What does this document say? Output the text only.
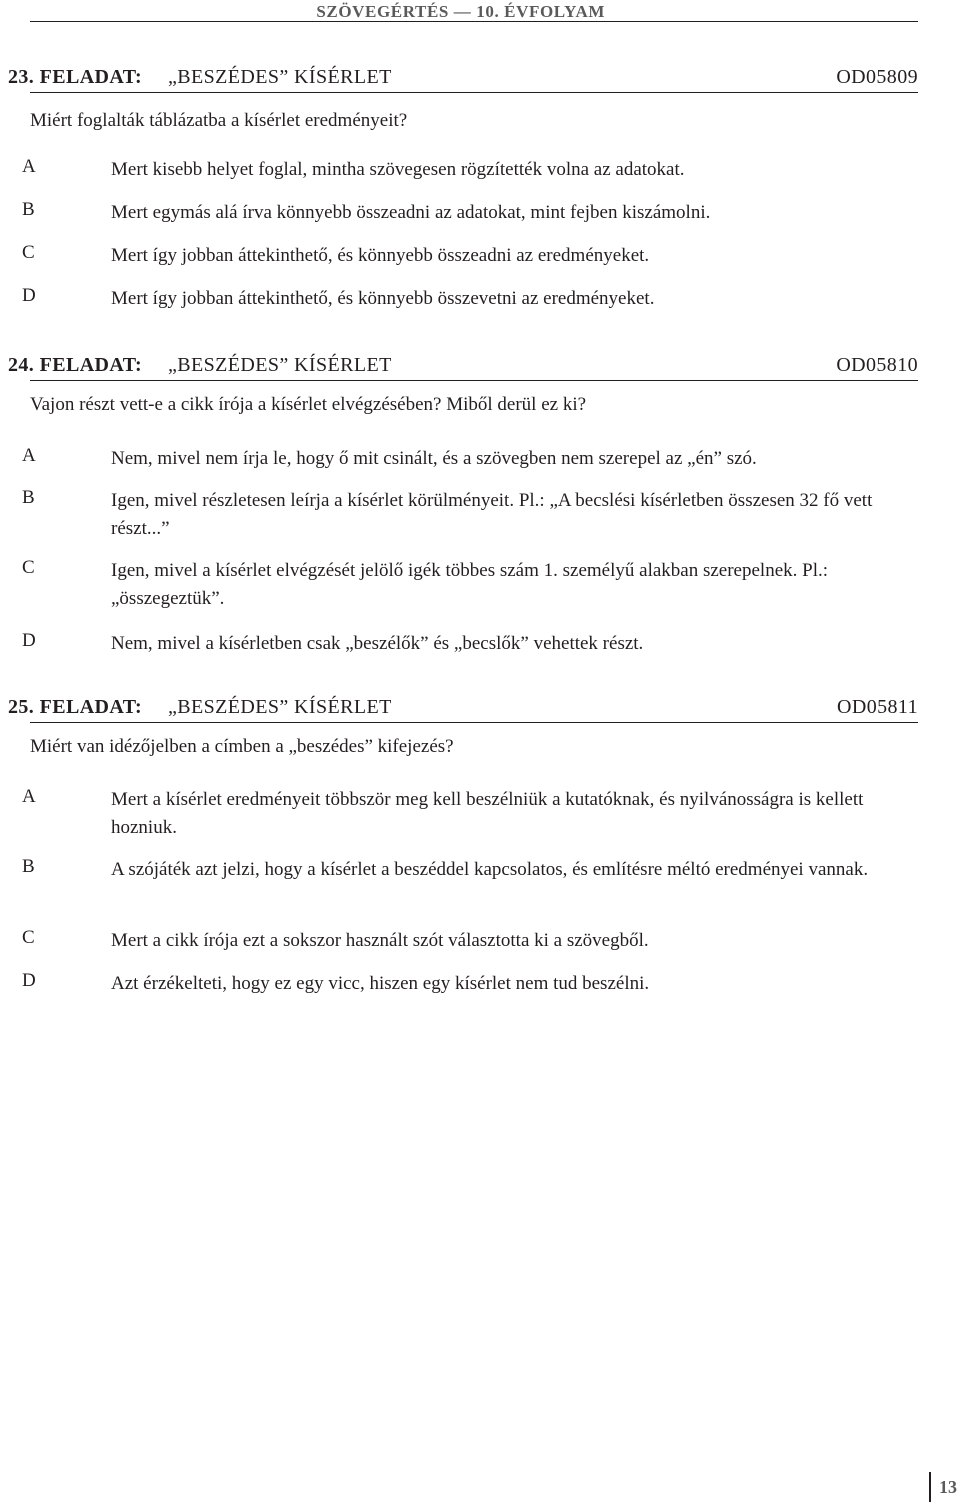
SZÖVEGÉRTÉS — 10. ÉVFOLYAM
23. FELADAT: „BESZÉDES” KÍSÉRLET	OD05809
Miért foglalták táblázatba a kísérlet eredményeit?
A	Mert kisebb helyet foglal, mintha szövegesen rögzítették volna az adatokat.
B	Mert egymás alá írva könnyebb összeadni az adatokat, mint fejben kiszámolni.
C	Mert így jobban áttekinthető, és könnyebb összeadni az eredményeket.
D	Mert így jobban áttekinthető, és könnyebb összevetni az eredményeket.
24. FELADAT: „BESZÉDES” KÍSÉRLET	OD05810
Vajon részt vett-e a cikk írója a kísérlet elvégzésében? Miből derül ez ki?
A	Nem, mivel nem írja le, hogy ő mit csinált, és a szövegben nem szerepel az „én” szó.
B	Igen, mivel részletesen leírja a kísérlet körülményeit. Pl.: „A becslési kísérletben összesen 32 fő vett részt...”
C	Igen, mivel a kísérlet elvégzését jelölő igék többes szám 1. személyű alakban szerepelnek. Pl.: „összegeztük”.
D	Nem, mivel a kísérletben csak „beszélők” és „becslők” vehettek részt.
25. FELADAT: „BESZÉDES” KÍSÉRLET	OD05811
Miért van idézőjelben a címben a „beszédes” kifejezés?
A	Mert a kísérlet eredményeit többször meg kell beszélniük a kutatóknak, és nyilvánosságra is kellett hozniuk.
B	A szójáték azt jelzi, hogy a kísérlet a beszéddel kapcsolatos, és említésre méltó eredményei vannak.
C	Mert a cikk írója ezt a sokszor használt szót választotta ki a szövegből.
D	Azt érzékelteti, hogy ez egy vicc, hiszen egy kísérlet nem tud beszélni.
13
